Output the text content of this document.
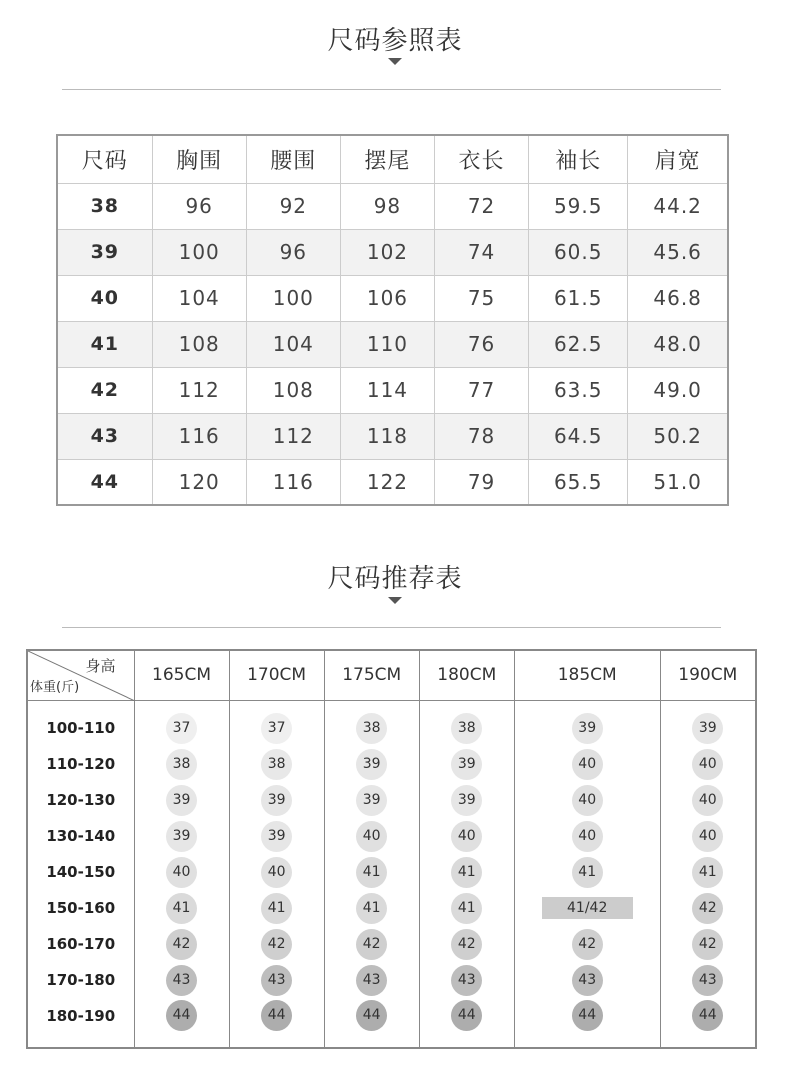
尺码参照表
尺码	胸围	腰围	摆尾	衣长	袖长	肩宽
38	96	92	98	72	59.5	44.2
39	100	96	102	74	60.5	45.6
40	104	100	106	75	61.5	46.8
41	108	104	110	76	62.5	48.0
42	112	108	114	77	63.5	49.0
43	116	112	118	78	64.5	50.2
44	120	116	122	79	65.5	51.0
尺码推荐表
身高
体重(斤)	165CM	170CM	175CM	180CM	185CM	190CM
100-110	37	37	38	38	39	39
110-120	38	38	39	39	40	40
120-130	39	39	39	39	40	40
130-140	39	39	40	40	40	40
140-150	40	40	41	41	41	41
150-160	41	41	41	41	41/42	42
160-170	42	42	42	42	42	42
170-180	43	43	43	43	43	43
180-190	44	44	44	44	44	44
